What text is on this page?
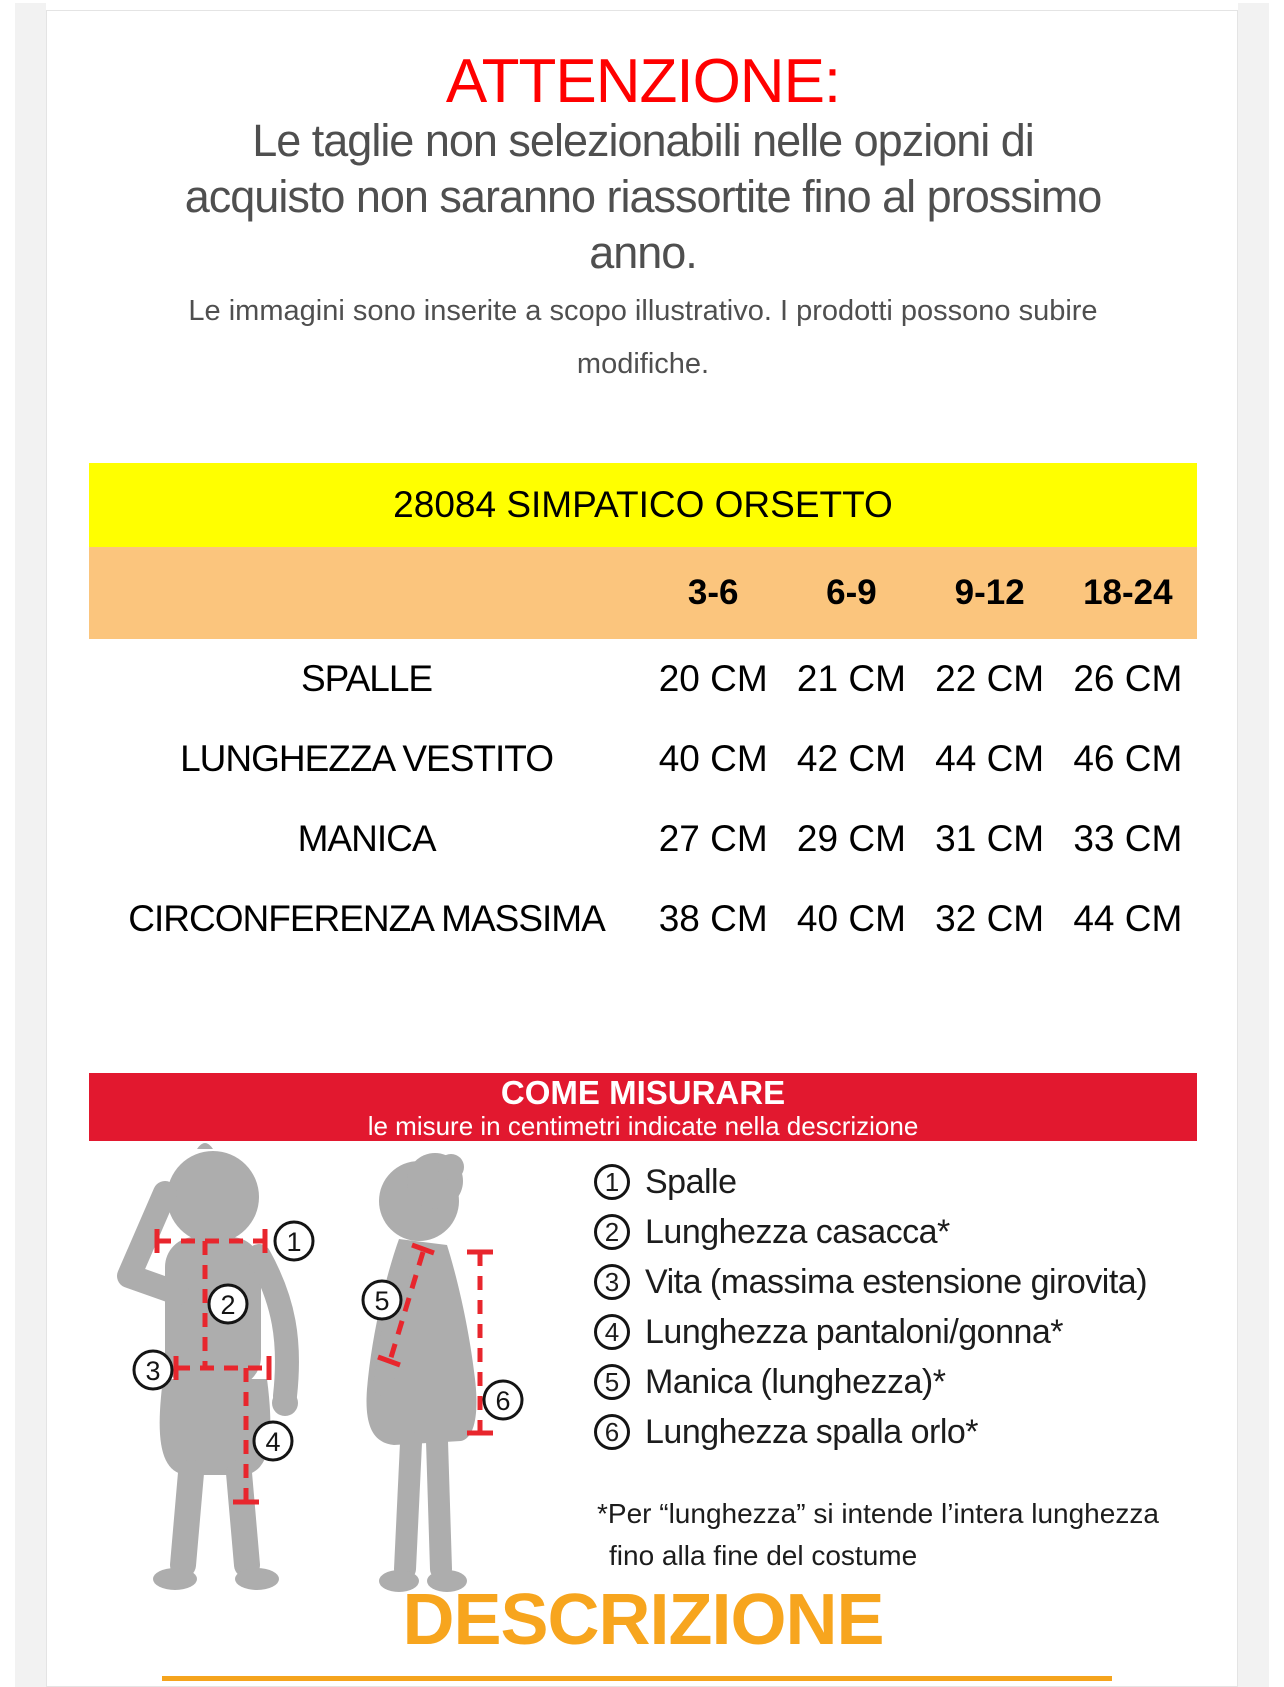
ATTENZIONE:
Le taglie non selezionabili nelle opzioni di
acquisto non saranno riassortite fino al prossimo
anno.
Le immagini sono inserite a scopo illustrativo. I prodotti possono subire
modifiche.
28084 SIMPATICO ORSETTO
3-6	6-9	9-12	18-24
SPALLE	20 CM 21 CM 22 CM 26 CM
LUNGHEZZA VESTITO	40 CM 42 CM 44 CM 46 CM
MANICA	27 CM 29 CM 31 CM 33 CM
CIRCONFERENZA MASSIMA	38 CM 40 CM 32 CM 44 CM
COME MISURARE
le misure in centimetri indicate nella descrizione
1
2
3
4
5
6
1 Spalle
2 Lunghezza casacca*
3 Vita (massima estensione girovita)
4 Lunghezza pantaloni/gonna*
5 Manica (lunghezza)*
6 Lunghezza spalla orlo*
*Per “lunghezza” si intende l’intera lunghezza
fino alla fine del costume
DESCRIZIONE
